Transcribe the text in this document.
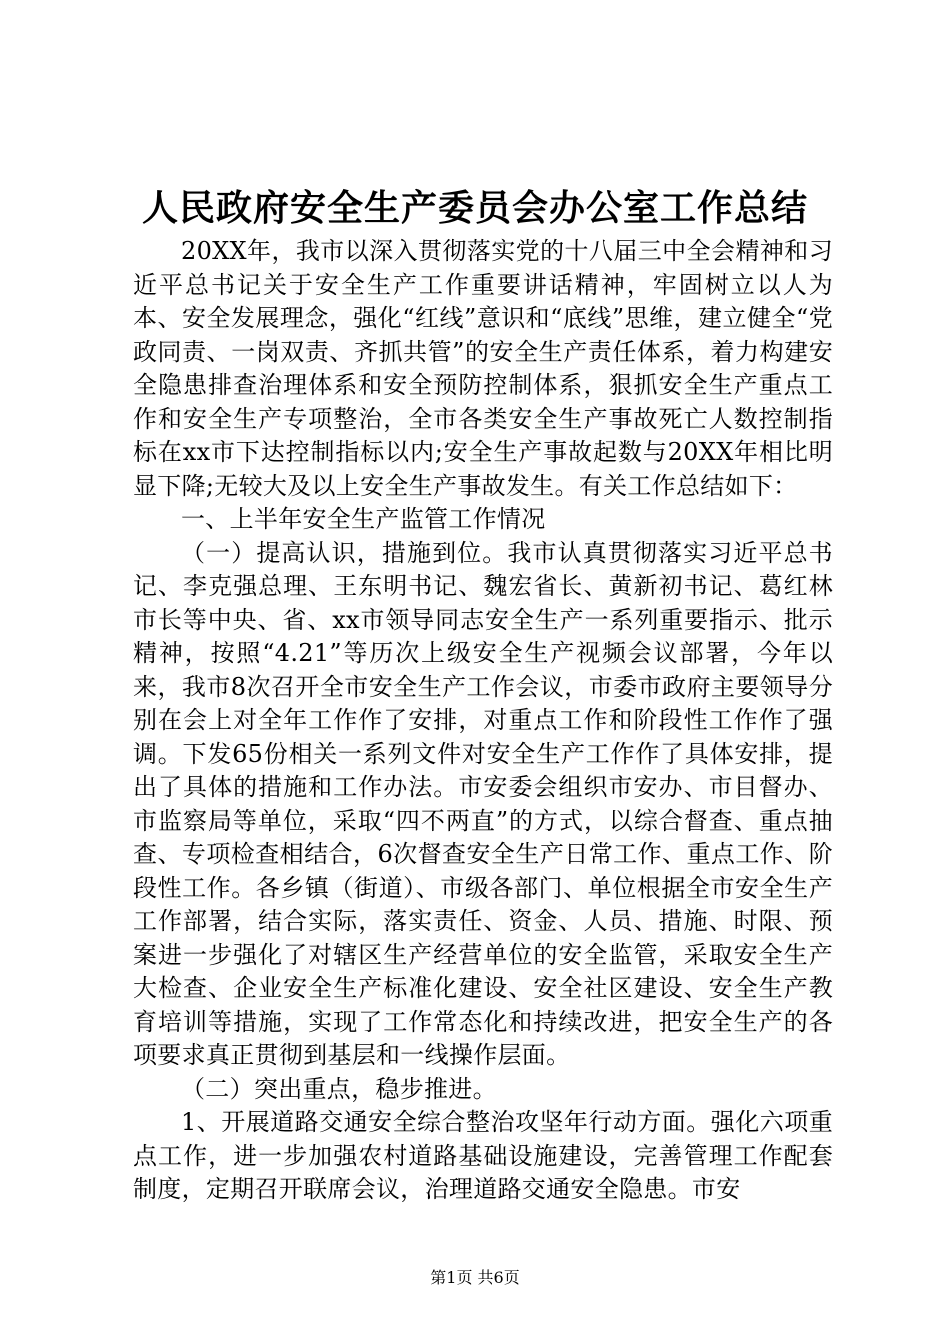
人民政府安全生产委员会办公室工作总结

20XX年，我市以深入贯彻落实党的十八届三中全会精神和习近平总书记关于安全生产工作重要讲话精神，牢固树立以人为本、安全发展理念，强化“红线”意识和“底线”思维，建立健全“党政同责、一岗双责、齐抓共管”的安全生产责任体系，着力构建安全隐患排查治理体系和安全预防控制体系，狠抓安全生产重点工作和安全生产专项整治，全市各类安全生产事故死亡人数控制指标在xx市下达控制指标以内;安全生产事故起数与20XX年相比明显下降;无较大及以上安全生产事故发生。有关工作总结如下：

一、上半年安全生产监管工作情况

（一）提高认识，措施到位。我市认真贯彻落实习近平总书记、李克强总理、王东明书记、魏宏省长、黄新初书记、葛红林市长等中央、省、xx市领导同志安全生产一系列重要指示、批示精神，按照“4.21”等历次上级安全生产视频会议部署，今年以来，我市8次召开全市安全生产工作会议，市委市政府主要领导分别在会上对全年工作作了安排，对重点工作和阶段性工作作了强调。下发65份相关一系列文件对安全生产工作作了具体安排，提出了具体的措施和工作办法。市安委会组织市安办、市目督办、市监察局等单位，采取“四不两直”的方式，以综合督查、重点抽查、专项检查相结合，6次督查安全生产日常工作、重点工作、阶段性工作。各乡镇（街道）、市级各部门、单位根据全市安全生产工作部署，结合实际，落实责任、资金、人员、措施、时限、预案进一步强化了对辖区生产经营单位的安全监管，采取安全生产大检查、企业安全生产标准化建设、安全社区建设、安全生产教育培训等措施，实现了工作常态化和持续改进，把安全生产的各项要求真正贯彻到基层和一线操作层面。

（二）突出重点，稳步推进。

1、开展道路交通安全综合整治攻坚年行动方面。强化六项重点工作，进一步加强农村道路基础设施建设，完善管理工作配套制度，定期召开联席会议，治理道路交通安全隐患。市安

第1页 共6页
